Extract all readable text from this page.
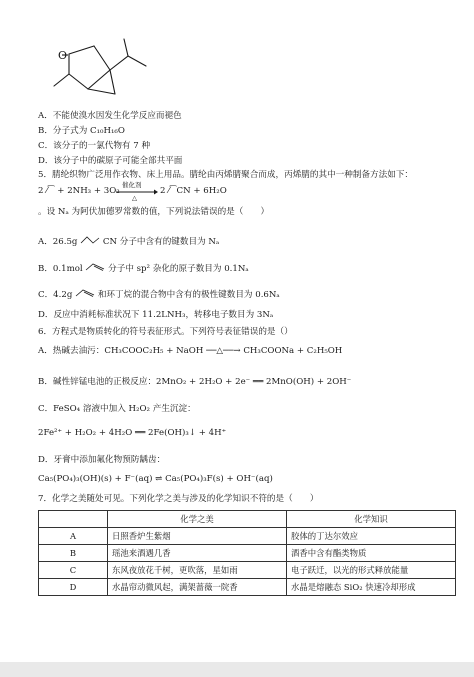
O
A．不能使溴水因发生化学反应而褪色
B．分子式为 C₁₀H₁₆O
C．该分子的一氯代物有 7 种
D．该分子中的碳原子可能全部共平面
5．腈纶织物广泛用作衣物、床上用品。腈纶由丙烯腈聚合而成，丙烯腈的其中一种制备方法如下：
2 ⁄⁀ + 2NH₃ + 3O₂
催化剂
△
2 ⁄⁀CN + 6H₂O
。设 Nₐ 为阿伏加德罗常数的值，下列说法错误的是（　　）
A．26.5g	CN 分子中含有的键数目为 Nₐ
B．0.1mol	分子中 sp² 杂化的原子数目为 0.1Nₐ
C．4.2g	和环丁烷的混合物中含有的极性键数目为 0.6Nₐ
D．反应中消耗标准状况下 11.2LNH₃，转移电子数目为 3Nₐ
6．方程式是物质转化的符号表征形式。下列符号表征错误的是（）
A．热碱去油污：CH₃COOC₂H₅ + NaOH ──△──→ CH₃COONa + C₂H₅OH
B．碱性锌锰电池的正极反应：2MnO₂ + 2H₂O + 2e⁻ ══ 2MnO(OH) + 2OH⁻
C．FeSO₄ 溶液中加入 H₂O₂ 产生沉淀：
2Fe²⁺ + H₂O₂ + 4H₂O ══ 2Fe(OH)₃↓ + 4H⁺
D．牙膏中添加氟化物预防龋齿：
Ca₅(PO₄)₃(OH)(s) + F⁻(aq) ⇌ Ca₅(PO₄)₃F(s) + OH⁻(aq)
7．化学之美随处可见。下列化学之美与涉及的化学知识不符的是（　　）
	化学之美	化学知识
A	日照香炉生紫烟	胶体的丁达尔效应
B	瑶池来酒遇几香	酒香中含有酯类物质
C	东风夜放花千树，更吹落，星如雨	电子跃迁，以光的形式释放能量
D	水晶帘动微风起，满架蔷薇一院香	水晶是熔融态 SiO₂ 快速冷却形成
